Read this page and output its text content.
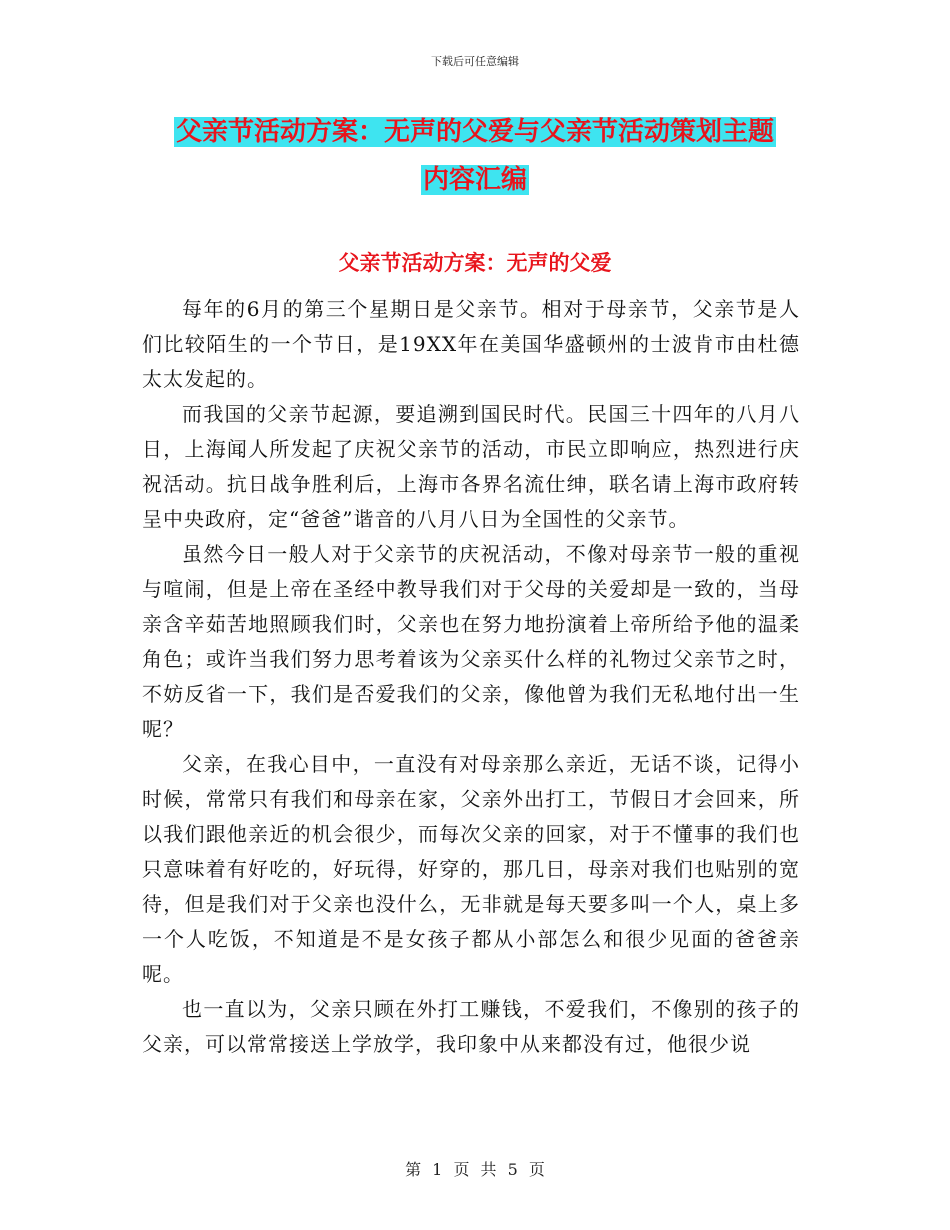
下载后可任意编辑
父亲节活动方案：无声的父爱与父亲节活动策划主题
内容汇编
父亲节活动方案：无声的父爱

每年的6月的第三个星期日是父亲节。相对于母亲节，父亲节是人们比较陌生的一个节日，是19XX年在美国华盛顿州的士波肯市由杜德太太发起的。

而我国的父亲节起源，要追溯到国民时代。民国三十四年的八月八日，上海闻人所发起了庆祝父亲节的活动，市民立即响应，热烈进行庆祝活动。抗日战争胜利后，上海市各界名流仕绅，联名请上海市政府转呈中央政府，定“爸爸”谐音的八月八日为全国性的父亲节。

虽然今日一般人对于父亲节的庆祝活动，不像对母亲节一般的重视与喧闹，但是上帝在圣经中教导我们对于父母的关爱却是一致的，当母亲含辛茹苦地照顾我们时，父亲也在努力地扮演着上帝所给予他的温柔角色；或许当我们努力思考着该为父亲买什么样的礼物过父亲节之时，不妨反省一下，我们是否爱我们的父亲，像他曾为我们无私地付出一生呢？

父亲，在我心目中，一直没有对母亲那么亲近，无话不谈，记得小时候，常常只有我们和母亲在家，父亲外出打工，节假日才会回来，所以我们跟他亲近的机会很少，而每次父亲的回家，对于不懂事的我们也只意味着有好吃的，好玩得，好穿的，那几日，母亲对我们也贴别的宽待，但是我们对于父亲也没什么，无非就是每天要多叫一个人，桌上多一个人吃饭，不知道是不是女孩子都从小部怎么和很少见面的爸爸亲呢。

也一直以为，父亲只顾在外打工赚钱，不爱我们，不像别的孩子的父亲，可以常常接送上学放学，我印象中从来都没有过，他很少说

第 1 页 共 5 页
